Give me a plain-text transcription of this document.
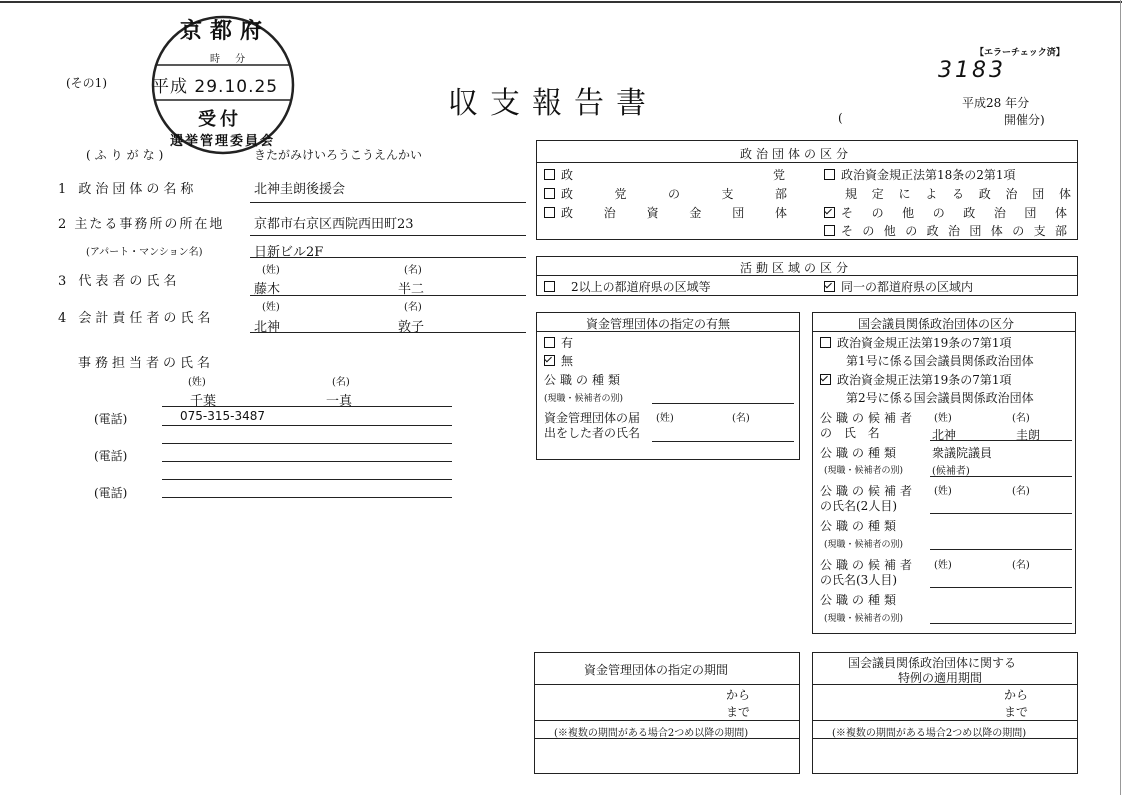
(その1)
京都府
時 分
平成 29.10.25
受付
選挙管理委員会
収支報告書
【エラーチェック済】
3183
平成28 年分
(	開催分)
(ふりがな)	きたがみけいろうこうえんかい
1 政治団体の名称	北神圭朗後援会
2 主たる事務所の所在地 京都市右京区西院西田町23
(アパート・マンション名)	日新ビル2F
3 代表者の氏名
(姓)	(名)
藤木	半二
4 会計責任者の氏名
(姓)	(名)
北神	敦子
事務担当者の氏名
(姓)	(名)
千葉	一真
(電話)	075-315-3487
(電話)
(電話)
政治団体の区分
政 党
政党の支部
政治資金団体
政治資金規正法第18条の2第1項
規定による政治団体
その他の政治団体
その他の政治団体の支部
活動区域の区分
2以上の都道府県の区域等	同一の都道府県の区域内
資金管理団体の指定の有無
有
無
公職の種類
(現職・候補者の別)
資金管理団体の届
出をした者の氏名
(姓)	(名)
国会議員関係政治団体の区分
政治資金規正法第19条の7第1項
第1号に係る国会議員関係政治団体
政治資金規正法第19条の7第1項
第2号に係る国会議員関係政治団体
公職の候補者
の 氏 名
(姓)	(名)
北神	圭朗
公職の種類	衆議院議員
(現職・候補者の別)	(候補者)
公職の候補者
の氏名(2人目)
(姓)	(名)
公職の種類
(現職・候補者の別)
公職の候補者
の氏名(3人目)
(姓)	(名)
公職の種類
(現職・候補者の別)
資金管理団体の指定の期間
から
まで
(※複数の期間がある場合2つめ以降の期間)
国会議員関係政治団体に関する
特例の適用期間
から
まで
(※複数の期間がある場合2つめ以降の期間)
